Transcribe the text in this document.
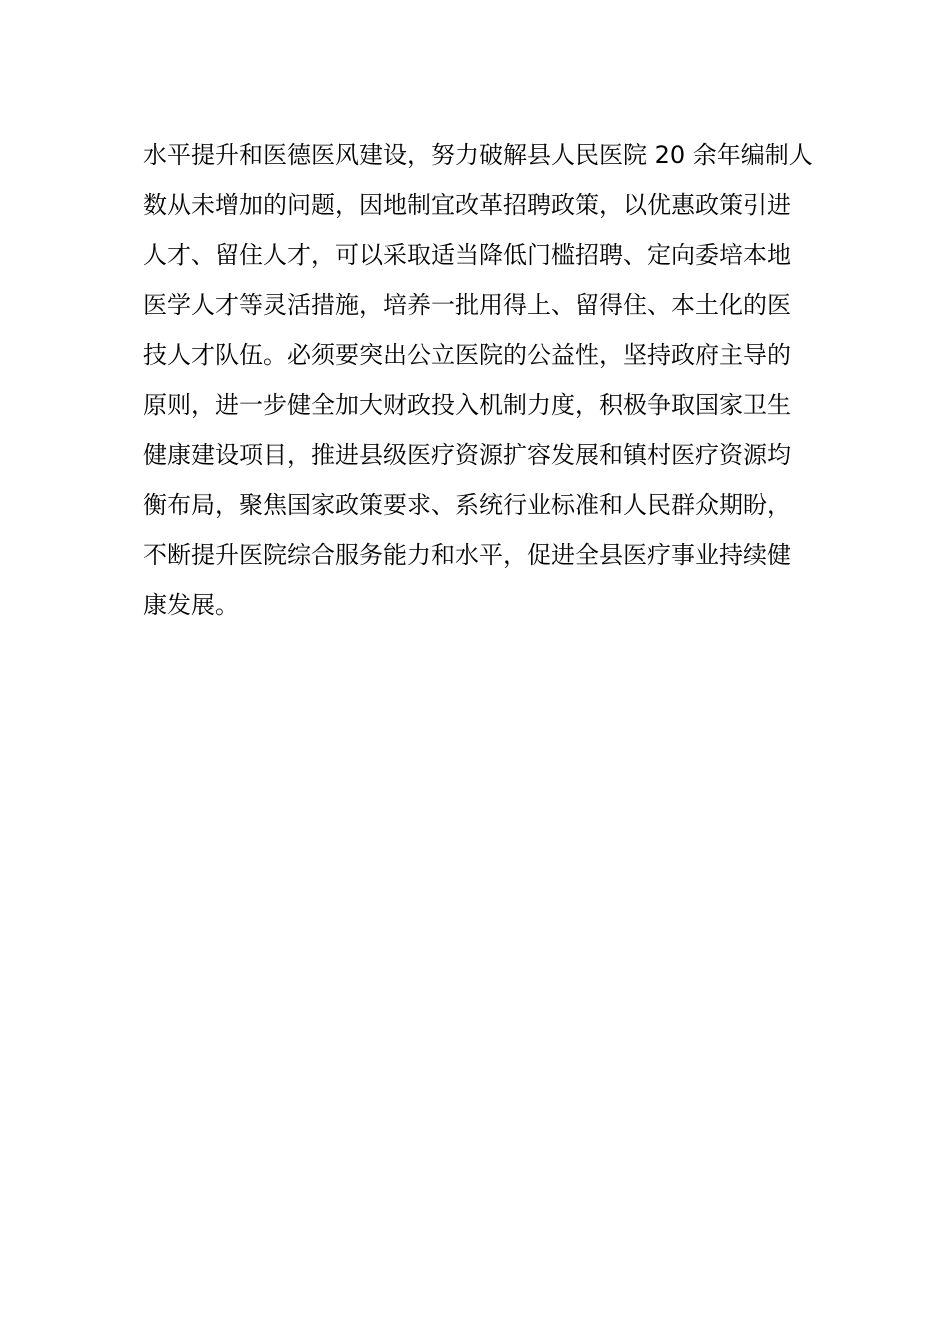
水平提升和医德医风建设，努力破解县人民医院 20 余年编制人
数从未增加的问题，因地制宜改革招聘政策，以优惠政策引进
人才、留住人才，可以采取适当降低门槛招聘、定向委培本地
医学人才等灵活措施，培养一批用得上、留得住、本土化的医
技人才队伍。必须要突出公立医院的公益性，坚持政府主导的
原则，进一步健全加大财政投入机制力度，积极争取国家卫生
健康建设项目，推进县级医疗资源扩容发展和镇村医疗资源均
衡布局，聚焦国家政策要求、系统行业标准和人民群众期盼，
不断提升医院综合服务能力和水平，促进全县医疗事业持续健
康发展。
